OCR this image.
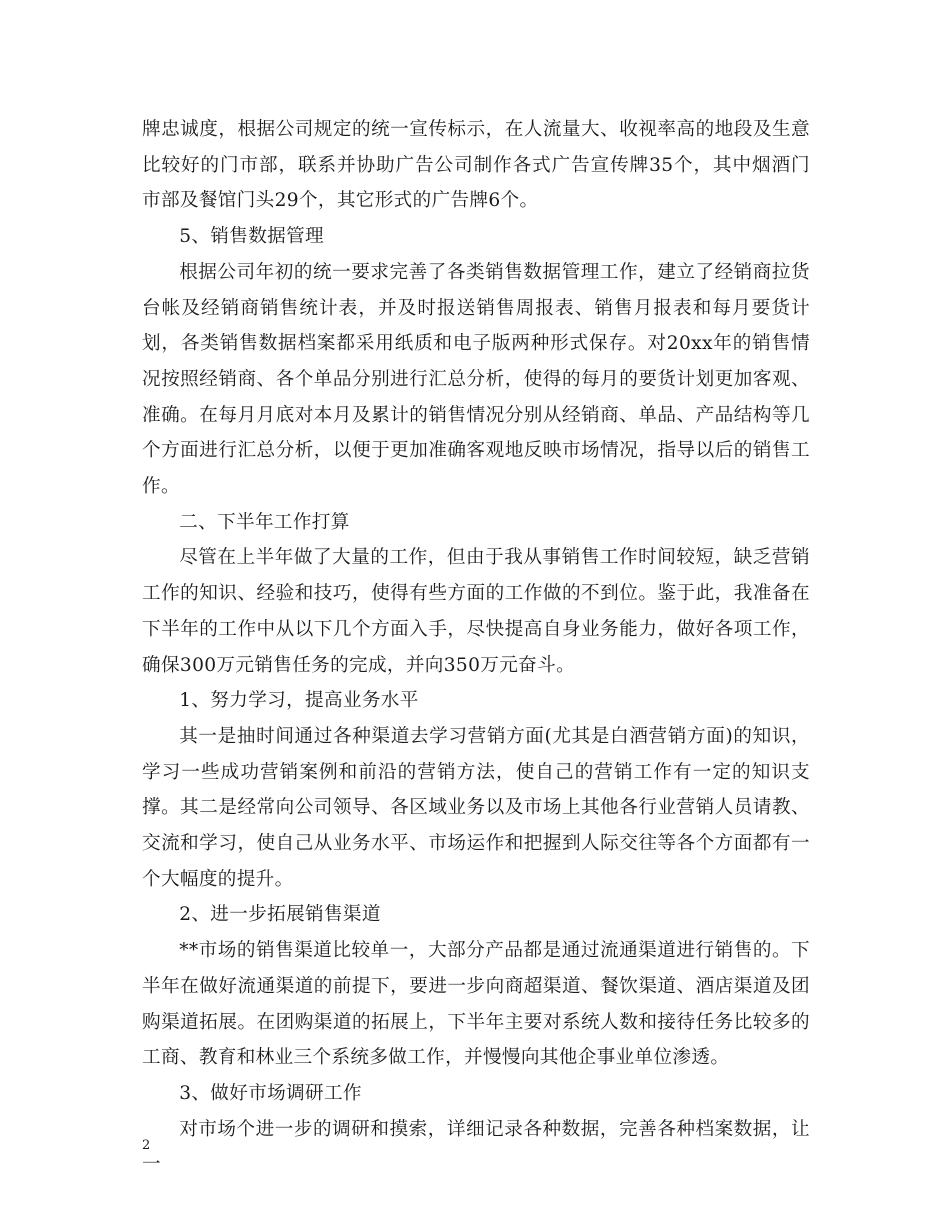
牌忠诚度，根据公司规定的统一宣传标示，在人流量大、收视率高的地段及生意比较好的门市部，联系并协助广告公司制作各式广告宣传牌35个，其中烟酒门市部及餐馆门头29个，其它形式的广告牌6个。

5、销售数据管理

根据公司年初的统一要求完善了各类销售数据管理工作，建立了经销商拉货台帐及经销商销售统计表，并及时报送销售周报表、销售月报表和每月要货计划，各类销售数据档案都采用纸质和电子版两种形式保存。对20xx年的销售情况按照经销商、各个单品分别进行汇总分析，使得的每月的要货计划更加客观、准确。在每月月底对本月及累计的销售情况分别从经销商、单品、产品结构等几个方面进行汇总分析，以便于更加准确客观地反映市场情况，指导以后的销售工作。

二、下半年工作打算

尽管在上半年做了大量的工作，但由于我从事销售工作时间较短，缺乏营销工作的知识、经验和技巧，使得有些方面的工作做的不到位。鉴于此，我准备在下半年的工作中从以下几个方面入手，尽快提高自身业务能力，做好各项工作，确保300万元销售任务的完成，并向350万元奋斗。

1、努力学习，提高业务水平

其一是抽时间通过各种渠道去学习营销方面(尤其是白酒营销方面)的知识，学习一些成功营销案例和前沿的营销方法，使自己的营销工作有一定的知识支撑。其二是经常向公司领导、各区域业务以及市场上其他各行业营销人员请教、交流和学习，使自己从业务水平、市场运作和把握到人际交往等各个方面都有一个大幅度的提升。

2、进一步拓展销售渠道

**市场的销售渠道比较单一，大部分产品都是通过流通渠道进行销售的。下半年在做好流通渠道的前提下，要进一步向商超渠道、餐饮渠道、酒店渠道及团购渠道拓展。在团购渠道的拓展上，下半年主要对系统人数和接待任务比较多的工商、教育和林业三个系统多做工作，并慢慢向其他企事业单位渗透。

3、做好市场调研工作

对市场个进一步的调研和摸索，详细记录各种数据，完善各种档案数据，让一

2
